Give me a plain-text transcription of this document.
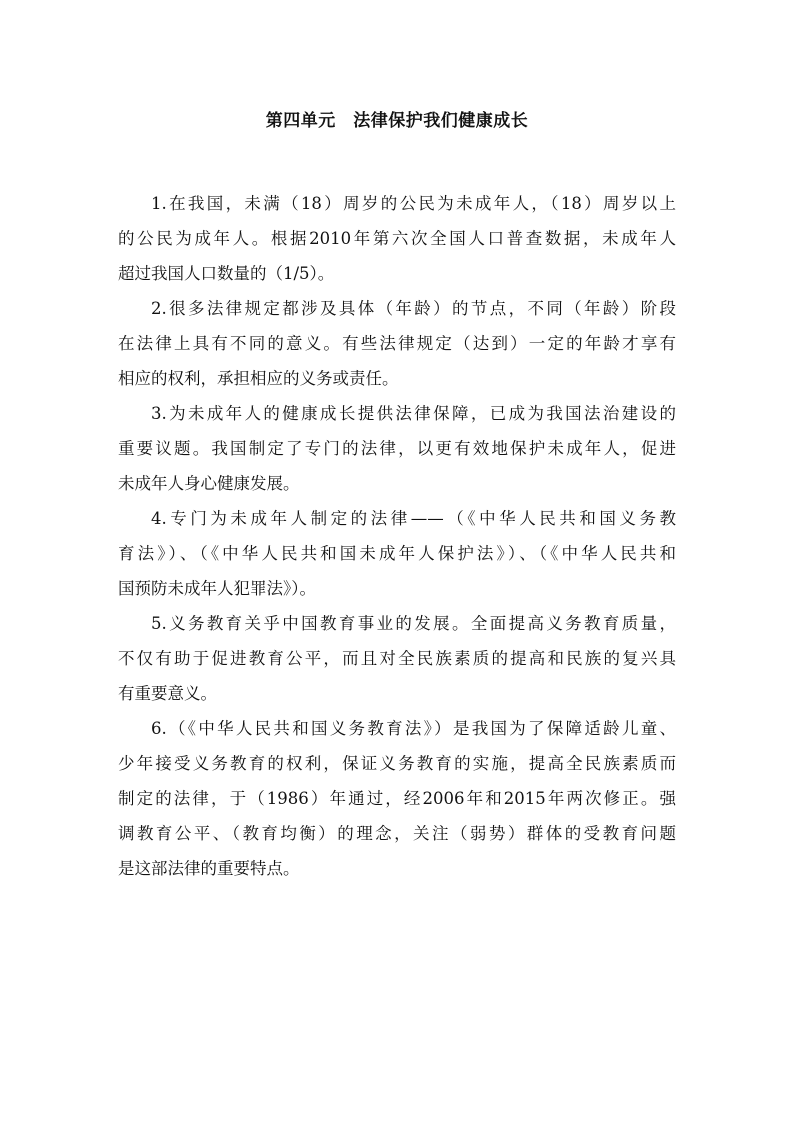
第四单元　法律保护我们健康成长

1.在我国，未满（18）周岁的公民为未成年人，（18）周岁以上
的公民为成年人。根据2010年第六次全国人口普查数据，未成年人
超过我国人口数量的（1/5）。

2.很多法律规定都涉及具体（年龄）的节点，不同（年龄）阶段
在法律上具有不同的意义。有些法律规定（达到）一定的年龄才享有
相应的权利，承担相应的义务或责任。

3.为未成年人的健康成长提供法律保障，已成为我国法治建设的
重要议题。我国制定了专门的法律，以更有效地保护未成年人，促进
未成年人身心健康发展。

4.专门为未成年人制定的法律——（《中华人民共和国义务教
育法》）、（《中华人民共和国未成年人保护法》）、（《中华人民共和
国预防未成年人犯罪法》）。

5.义务教育关乎中国教育事业的发展。全面提高义务教育质量，
不仅有助于促进教育公平，而且对全民族素质的提高和民族的复兴具
有重要意义。

6.（《中华人民共和国义务教育法》）是我国为了保障适龄儿童、
少年接受义务教育的权利，保证义务教育的实施，提高全民族素质而
制定的法律，于（1986）年通过，经2006年和2015年两次修正。强
调教育公平、（教育均衡）的理念，关注（弱势）群体的受教育问题
是这部法律的重要特点。
